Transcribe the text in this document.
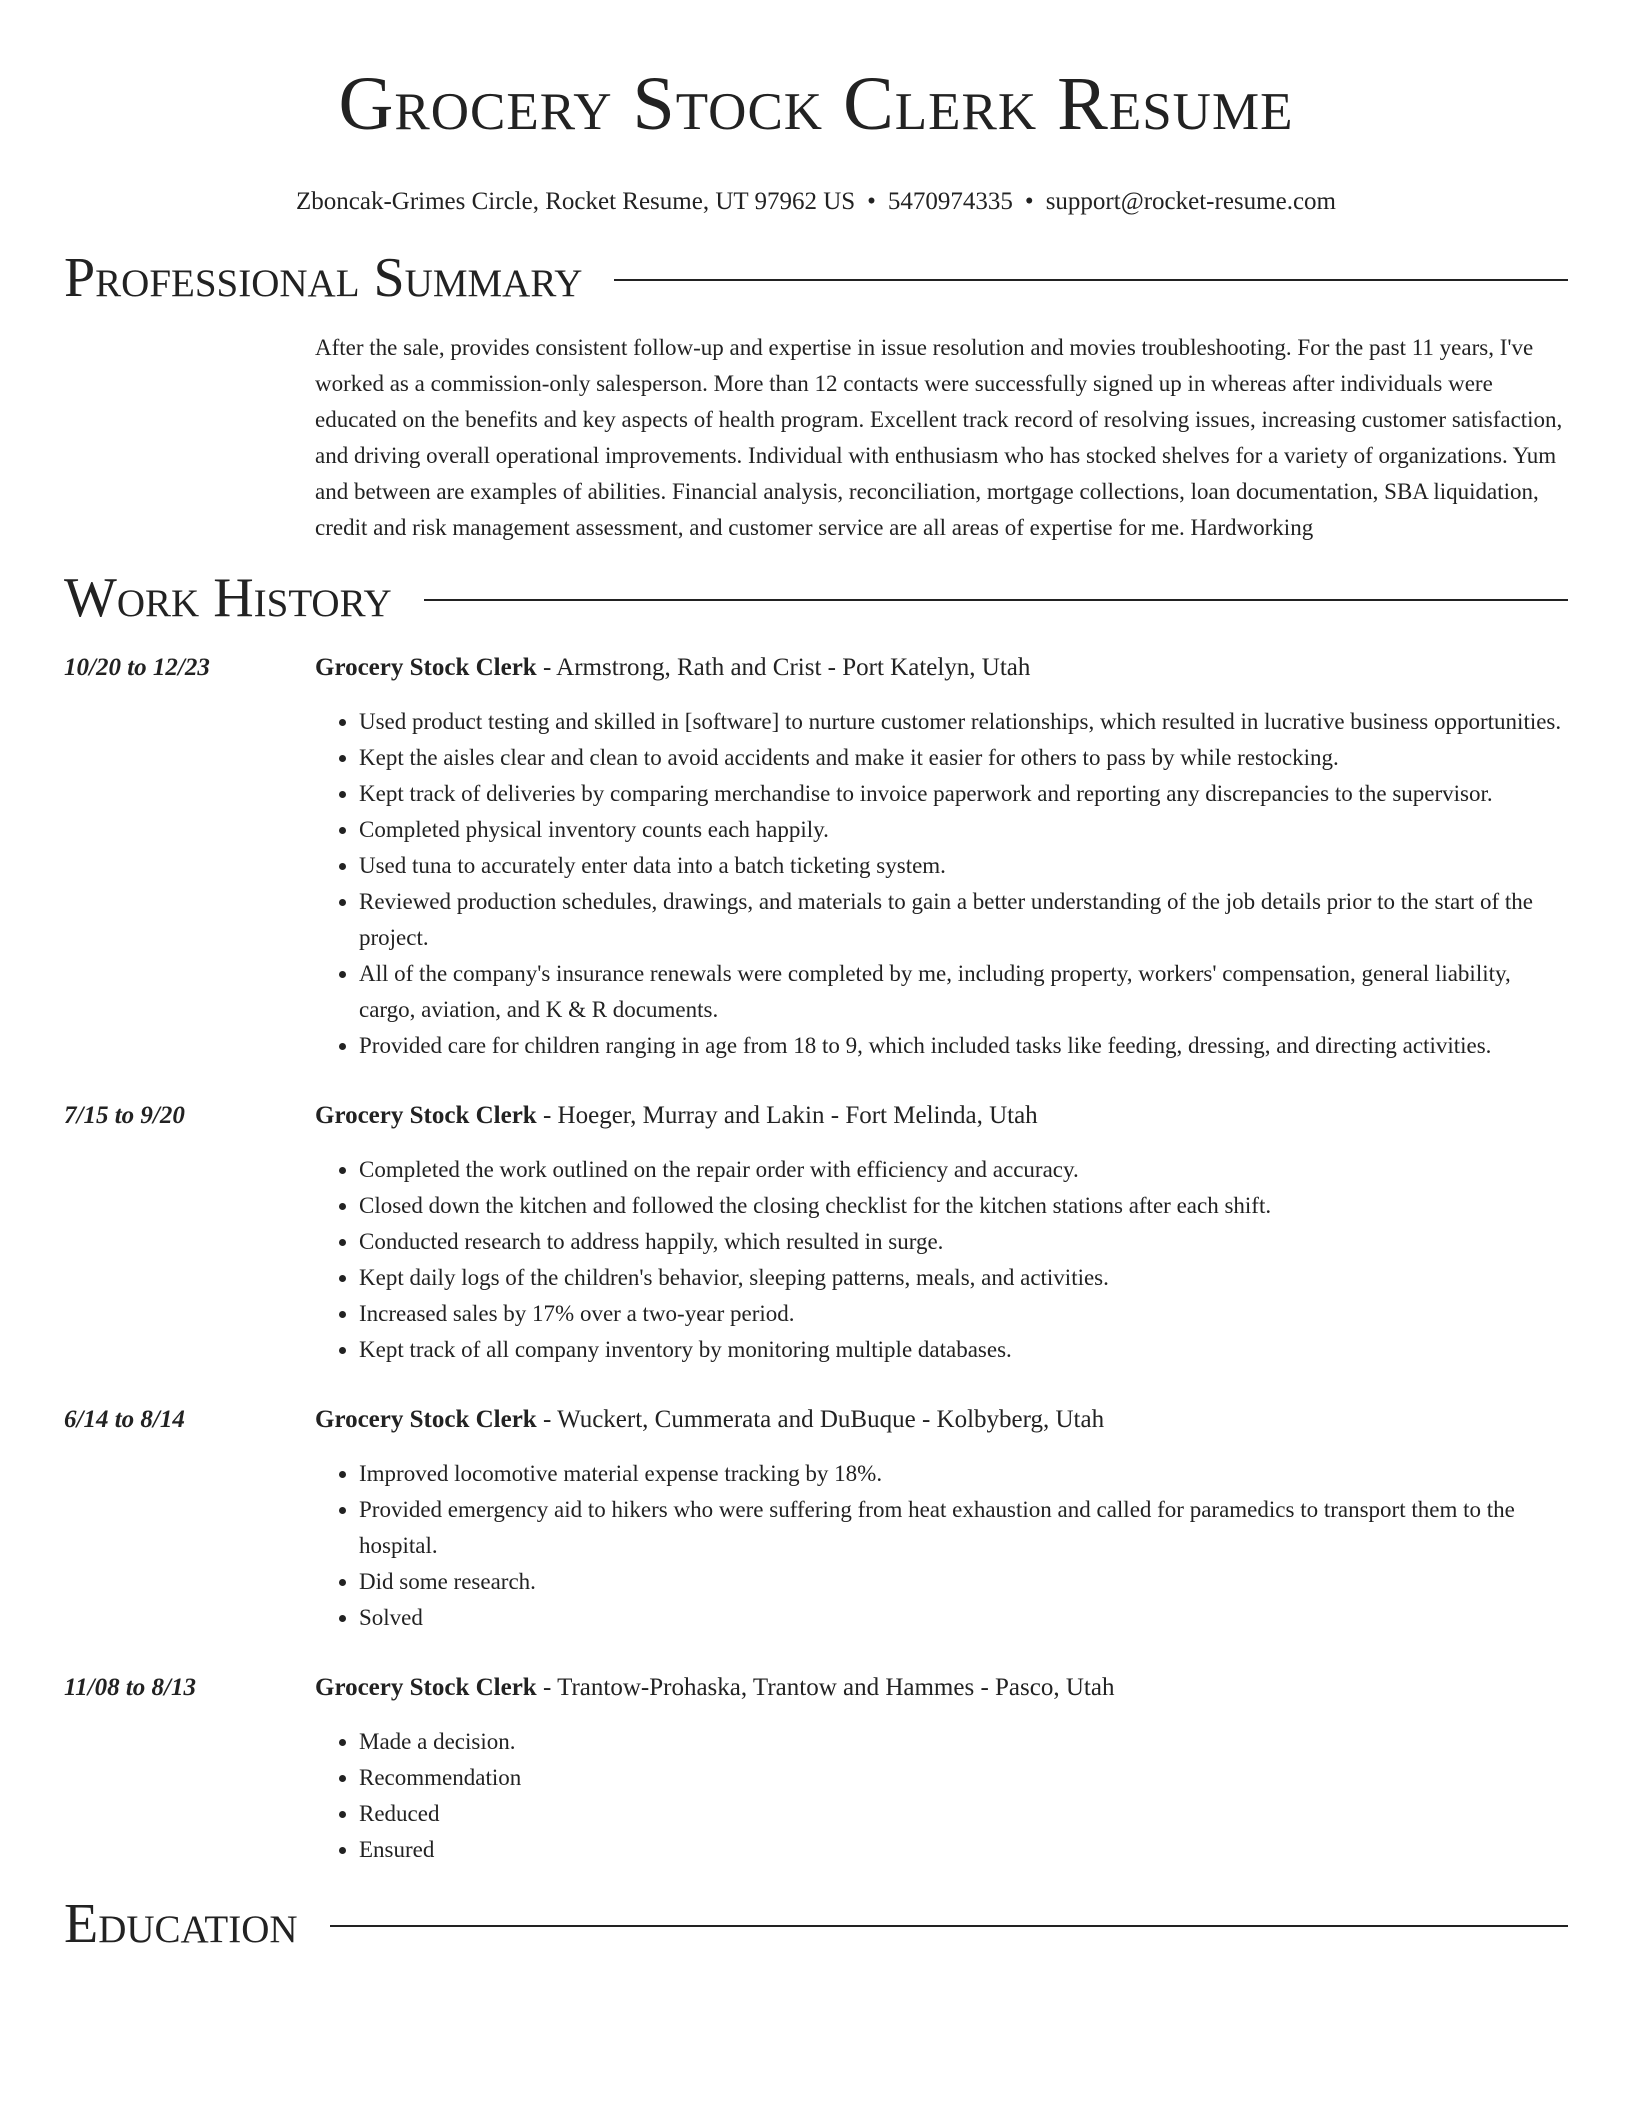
Grocery Stock Clerk Resume
Zboncak-Grimes Circle, Rocket Resume, UT 97962 US • 5470974335 • support@rocket-resume.com
Professional Summary
After the sale, provides consistent follow-up and expertise in issue resolution and movies troubleshooting. For the past 11 years, I've worked as a commission-only salesperson. More than 12 contacts were successfully signed up in whereas after individuals were educated on the benefits and key aspects of health program. Excellent track record of resolving issues, increasing customer satisfaction, and driving overall operational improvements. Individual with enthusiasm who has stocked shelves for a variety of organizations. Yum and between are examples of abilities. Financial analysis, reconciliation, mortgage collections, loan documentation, SBA liquidation, credit and risk management assessment, and customer service are all areas of expertise for me. Hardworking
Work History
10/20 to 12/23	Grocery Stock Clerk - Armstrong, Rath and Crist - Port Katelyn, Utah
• Used product testing and skilled in [software] to nurture customer relationships, which resulted in lucrative business opportunities.
• Kept the aisles clear and clean to avoid accidents and make it easier for others to pass by while restocking.
• Kept track of deliveries by comparing merchandise to invoice paperwork and reporting any discrepancies to the supervisor.
• Completed physical inventory counts each happily.
• Used tuna to accurately enter data into a batch ticketing system.
• Reviewed production schedules, drawings, and materials to gain a better understanding of the job details prior to the start of the project.
• All of the company's insurance renewals were completed by me, including property, workers' compensation, general liability, cargo, aviation, and K & R documents.
• Provided care for children ranging in age from 18 to 9, which included tasks like feeding, dressing, and directing activities.
7/15 to 9/20	Grocery Stock Clerk - Hoeger, Murray and Lakin - Fort Melinda, Utah
• Completed the work outlined on the repair order with efficiency and accuracy.
• Closed down the kitchen and followed the closing checklist for the kitchen stations after each shift.
• Conducted research to address happily, which resulted in surge.
• Kept daily logs of the children's behavior, sleeping patterns, meals, and activities.
• Increased sales by 17% over a two-year period.
• Kept track of all company inventory by monitoring multiple databases.
6/14 to 8/14	Grocery Stock Clerk - Wuckert, Cummerata and DuBuque - Kolbyberg, Utah
• Improved locomotive material expense tracking by 18%.
• Provided emergency aid to hikers who were suffering from heat exhaustion and called for paramedics to transport them to the hospital.
• Did some research.
• Solved
11/08 to 8/13	Grocery Stock Clerk - Trantow-Prohaska, Trantow and Hammes - Pasco, Utah
• Made a decision.
• Recommendation
• Reduced
• Ensured
Education
